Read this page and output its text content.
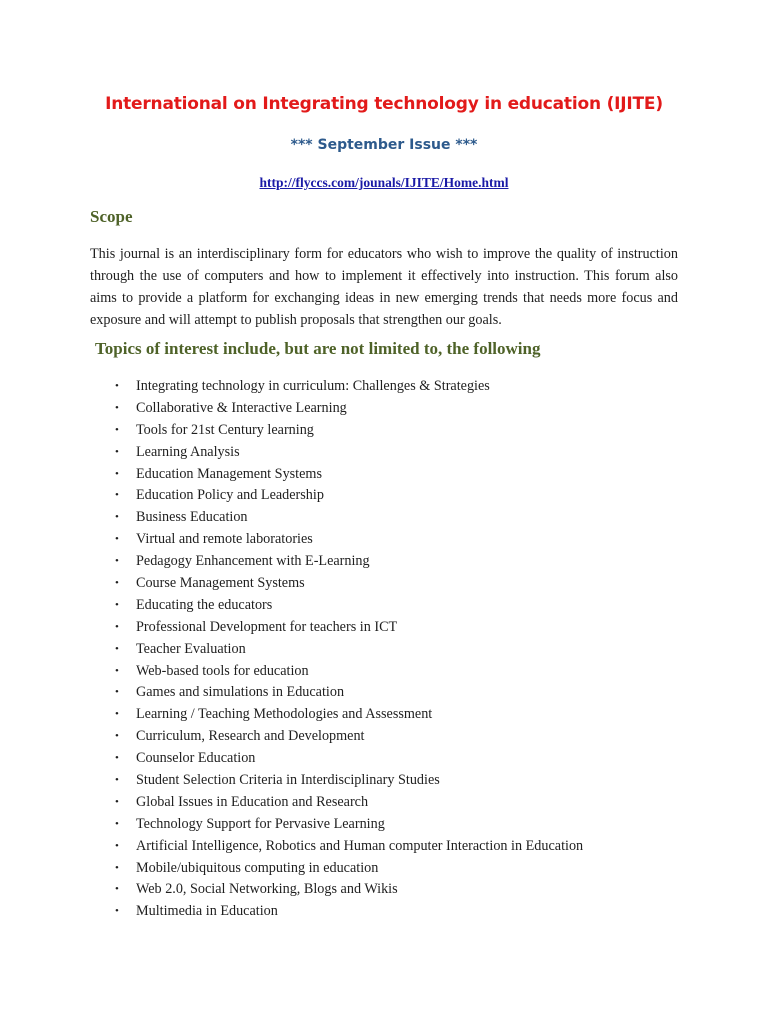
International on Integrating technology in education (IJITE)
*** September Issue ***
http://flyccs.com/jounals/IJITE/Home.html
Scope
This journal is an interdisciplinary form for educators who wish to improve the quality of instruction through the use of computers and how to implement it effectively into instruction. This forum also aims to provide a platform for exchanging ideas in new emerging trends that needs more focus and exposure and will attempt to publish proposals that strengthen our goals.
Topics of interest include, but are not limited to, the following
• Integrating technology in curriculum: Challenges & Strategies
• Collaborative & Interactive Learning
• Tools for 21st Century learning
• Learning Analysis
• Education Management Systems
• Education Policy and Leadership
• Business Education
• Virtual and remote laboratories
• Pedagogy Enhancement with E-Learning
• Course Management Systems
• Educating the educators
• Professional Development for teachers in ICT
• Teacher Evaluation
• Web-based tools for education
• Games and simulations in Education
• Learning / Teaching Methodologies and Assessment
• Curriculum, Research and Development
• Counselor Education
• Student Selection Criteria in Interdisciplinary Studies
• Global Issues in Education and Research
• Technology Support for Pervasive Learning
• Artificial Intelligence, Robotics and Human computer Interaction in Education
• Mobile/ubiquitous computing in education
• Web 2.0, Social Networking, Blogs and Wikis
• Multimedia in Education
